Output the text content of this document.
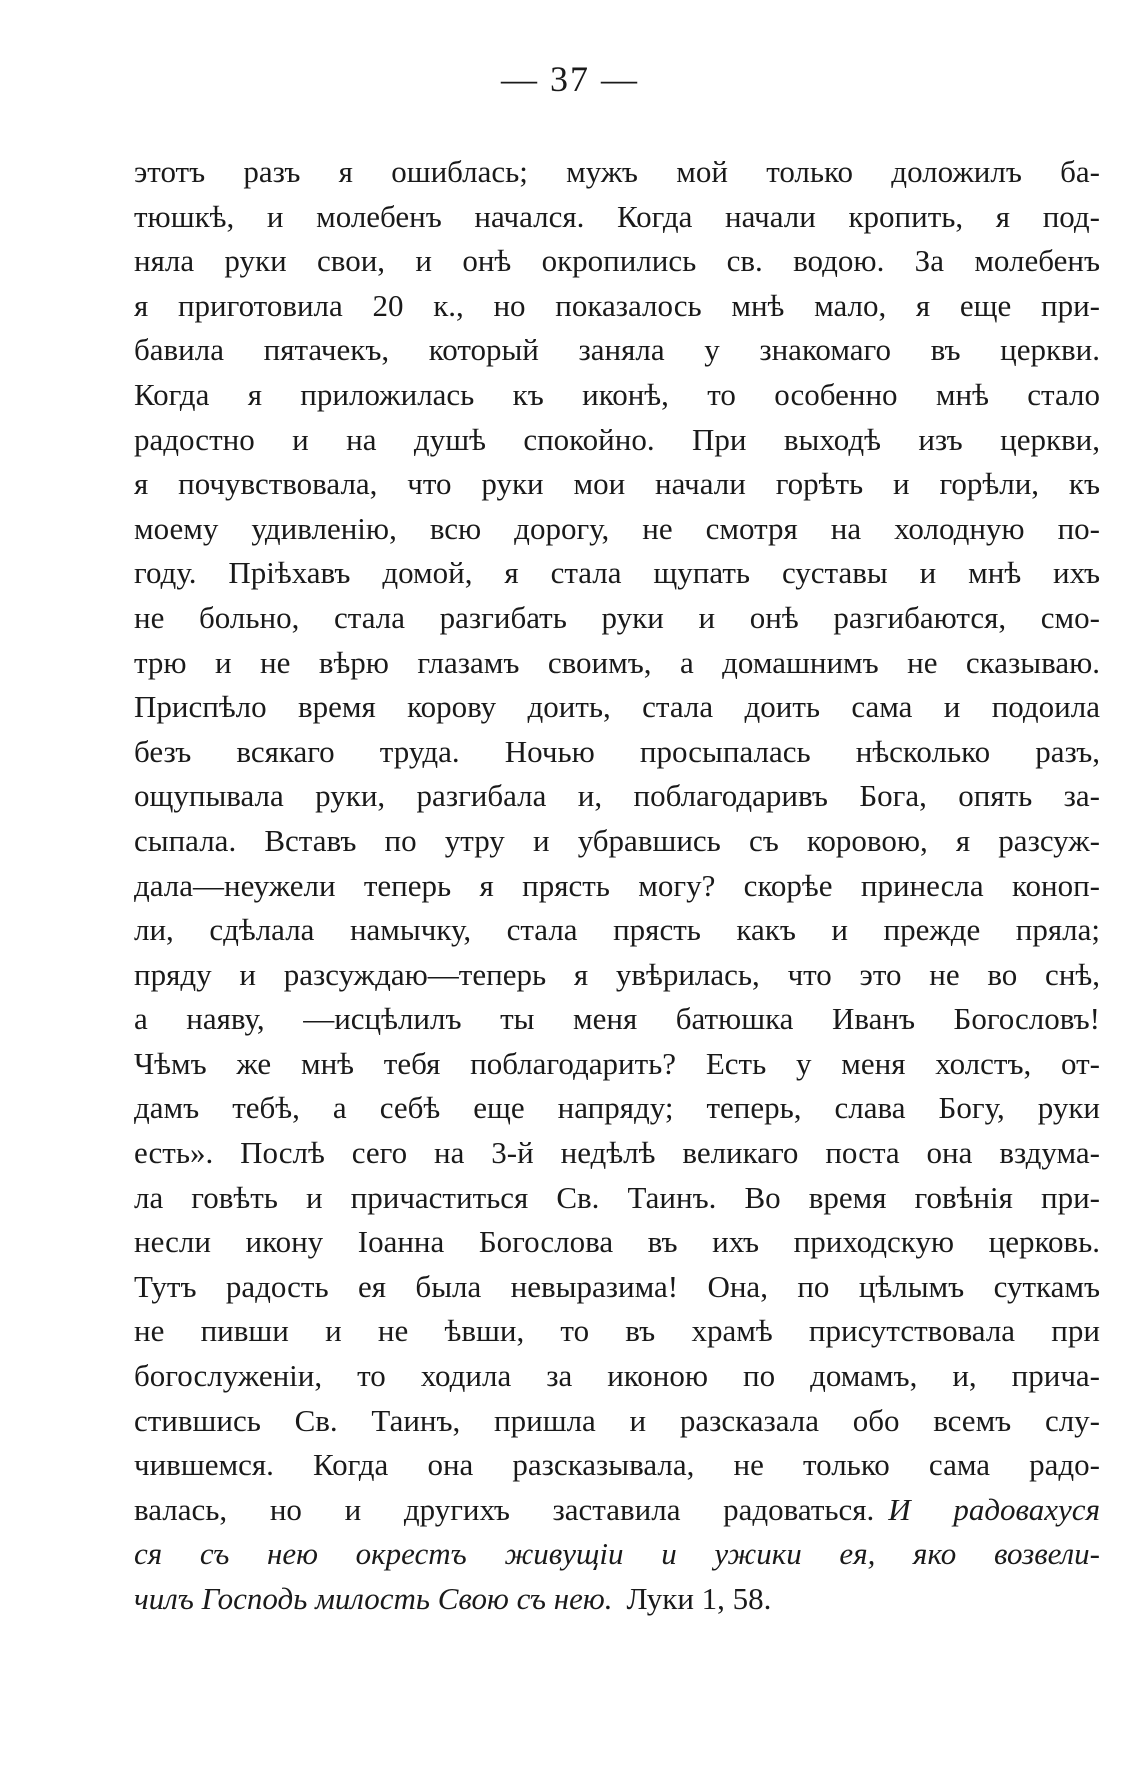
— 37 —
этотъ разъ я ошиблась; мужъ мой только доложилъ ба-
тюшкѣ, и молебенъ начался. Когда начали кропить, я под-
няла руки свои, и онѣ окропились св. водою. За молебенъ
я приготовила 20 к., но показалось мнѣ мало, я еще при-
бавила пятачекъ, который заняла у знакомаго въ церкви.
Когда я приложилась къ иконѣ, то особенно мнѣ стало
радостно и на душѣ спокойно. При выходѣ изъ церкви,
я почувствовала, что руки мои начали горѣть и горѣли, къ
моему удивленію, всю дорогу, не смотря на холодную по-
году. Пріѣхавъ домой, я стала щупать суставы и мнѣ ихъ
не больно, стала разгибать руки и онѣ разгибаются, смо-
трю и не вѣрю глазамъ своимъ, а домашнимъ не сказываю.
Приспѣло время корову доить, стала доить сама и подоила
безъ всякаго труда. Ночью просыпалась нѣсколько разъ,
ощупывала руки, разгибала и, поблагодаривъ Бога, опять за-
сыпала. Вставъ по утру и убравшись съ коровою, я разсуж-
дала—неужели теперь я прясть могу? скорѣе принесла коноп-
ли, сдѣлала намычку, стала прясть какъ и прежде пряла;
пряду и разсуждаю—теперь я увѣрилась, что это не во снѣ,
а наяву, —исцѣлилъ ты меня батюшка Иванъ Богословъ!
Чѣмъ же мнѣ тебя поблагодарить? Есть у меня холстъ, от-
дамъ тебѣ, а себѣ еще напряду; теперь, слава Богу, руки
есть». Послѣ сего на 3-й недѣлѣ великаго поста она вздума-
ла говѣть и причаститься Св. Таинъ. Во время говѣнія при-
несли икону Іоанна Богослова въ ихъ приходскую церковь.
Тутъ радость ея была невыразима! Она, по цѣлымъ суткамъ
не пивши и не ѣвши, то въ храмѣ присутствовала при
богослуженіи, то ходила за иконою по домамъ, и, прича-
стившись Св. Таинъ, пришла и разсказала обо всемъ слу-
чившемся. Когда она разсказывала, не только сама радо-
валась, но и другихъ заставила радоваться. И радовахуся
ся съ нею окрестъ живущіи и ужики ея, яко возвели-
чилъ Господь милость Свою съ нею. Луки 1, 58.
